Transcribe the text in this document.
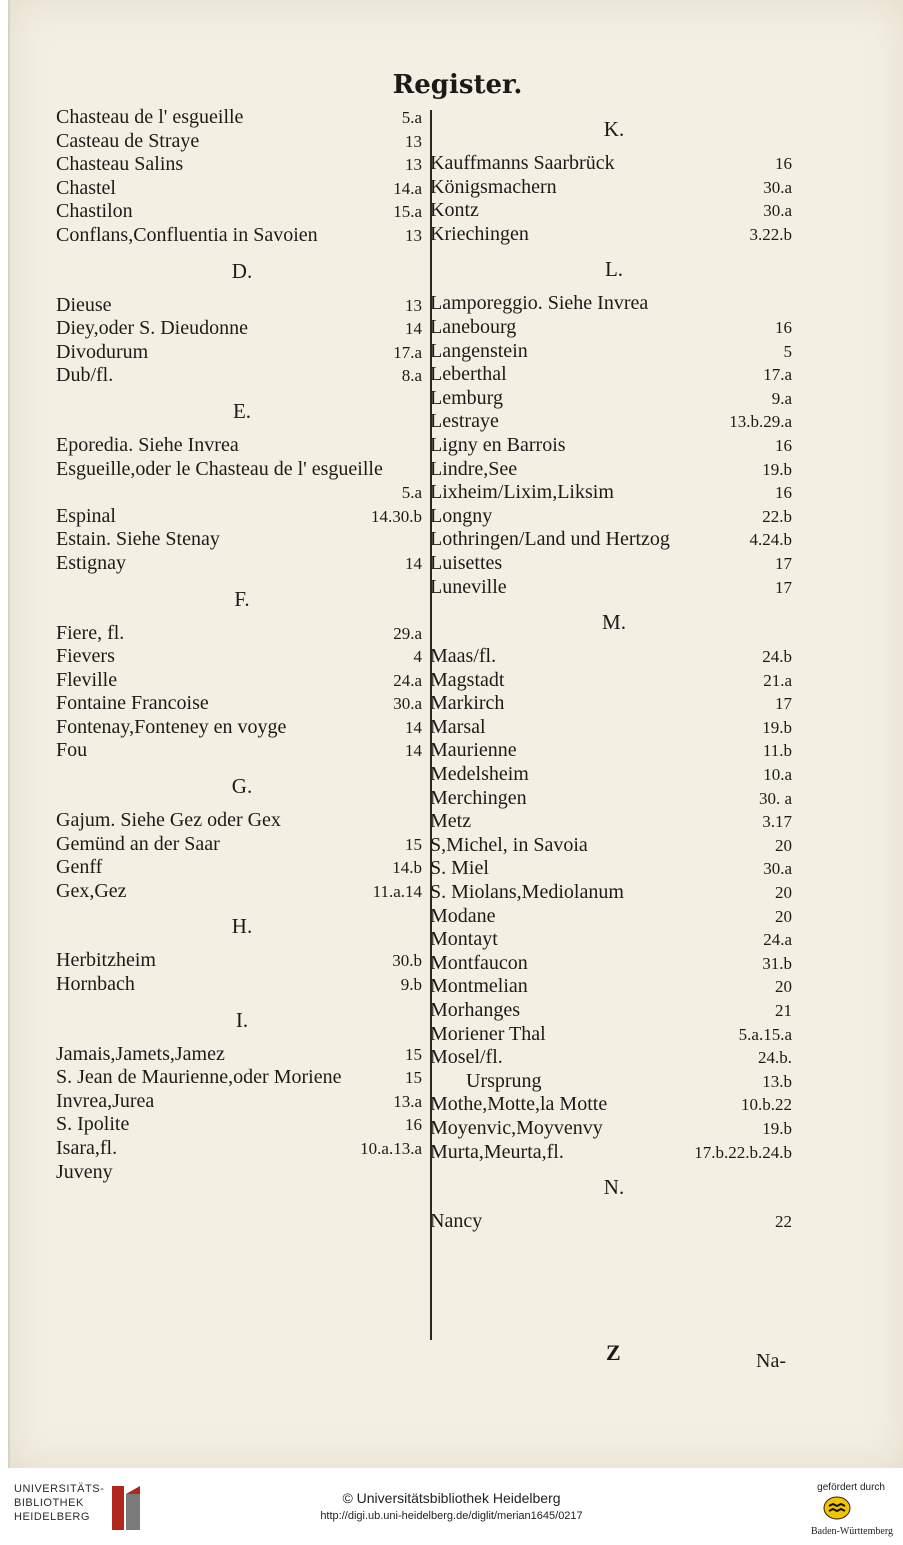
Register.
Chasteau de l' esgueille	5.a
Casteau de Straye	13
Chasteau Salins	13
Chastel	14.a
Chastilon	15.a
Conflans,Confluentia in Savoien	13
D.
Dieuse	13
Diey,oder S. Dieudonne	14
Divodurum	17.a
Dub/fl.	8.a
E.
Eporedia. Siehe Invrea
Esgueille,oder le Chasteau de l' esgueille
5.a
Espinal	14.30.b
Estain. Siehe Stenay
Estignay	14
F.
Fiere, fl.	29.a
Fievers	4
Fleville	24.a
Fontaine Francoise	30.a
Fontenay,Fonteney en voyge	14
Fou	14
G.
Gajum. Siehe Gez oder Gex
Gemünd an der Saar	15
Genff	14.b
Gex,Gez	11.a.14
H.
Herbitzheim	30.b
Hornbach	9.b
I.
Jamais,Jamets,Jamez	15
S. Jean de Maurienne,oder Moriene	15
Invrea,Jurea	13.a
S. Ipolite	16
Isara,fl.	10.a.13.a
Juveny
K.
Kauffmanns Saarbrück	16
Königsmachern	30.a
Kontz	30.a
Kriechingen	3.22.b
L.
Lamporeggio. Siehe Invrea
Lanebourg	16
Langenstein	5
Leberthal	17.a
Lemburg	9.a
Lestraye	13.b.29.a
Ligny en Barrois	16
Lindre,See	19.b
Lixheim/Lixim,Liksim	16
Longny	22.b
Lothringen/Land und Hertzog	4.24.b
Luisettes	17
Luneville	17
M.
Maas/fl.	24.b
Magstadt	21.a
Markirch	17
Marsal	19.b
Maurienne	11.b
Medelsheim	10.a
Merchingen	30. a
Metz	3.17
S,Michel, in Savoia	20
S. Miel	30.a
S. Miolans,Mediolanum	20
Modane	20
Montayt	24.a
Montfaucon	31.b
Montmelian	20
Morhanges	21
Moriener Thal	5.a.15.a
Mosel/fl.	24.b.
Ursprung	13.b
Mothe,Motte,la Motte	10.b.22
Moyenvic,Moyvenvy	19.b
Murta,Meurta,fl.	17.b.22.b.24.b
N.
Nancy	22
Z	Na-
UNIVERSITÄTS-
BIBLIOTHEK
HEIDELBERG
© Universitätsbibliothek Heidelberg
http://digi.ub.uni-heidelberg.de/diglit/merian1645/0217
gefördert durch
Baden-Württemberg
